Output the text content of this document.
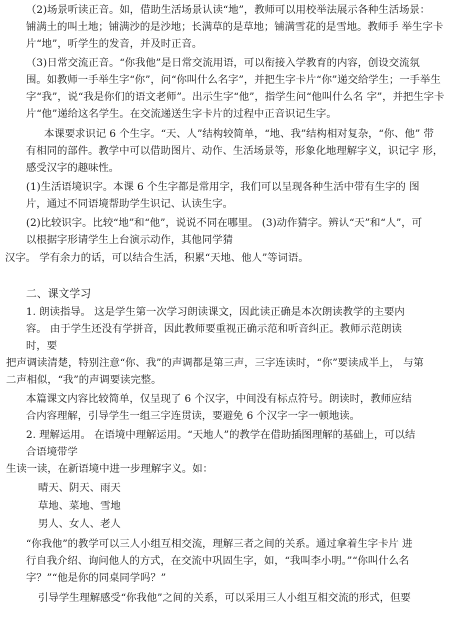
（2)场景听读正音。如，借助生活场景认读“地”，教师可以用校举法展示各种生活场景：
铺满土的叫土地；铺满沙的是沙地；长满草的是草地；铺满雪花的是雪地。教师手 举生字卡
片“地”，听学生的发音，并及时正音。
（3)日常交流正音。“你我他”是日常交流用语，可以衔接入学教育的内容，创设交流氛
围。如教师一手举生字“你”，问“你叫什么名字”，并把生字卡片“你”递交给学生；一手举生
字“我”，说“我是你们的语文老师”。出示生字“他”，指学生问“他叫什么名 字”，并把生字卡
片“他”递给这名学生。在交流递送生字卡片的过程中正音识记生字。
本课要求识记 6 个生字。“天、人”结构较简单，“地、我”结构相对复杂，“你、他” 带
有相同的部件。教学中可以借助图片、动作、生活场景等，形象化地理解字义，识记字 形，
感受汉字的趣味性。
(1)生活语境识字。本课 6 个生字都是常用字，我们可以呈现各种生活中带有生字的 图
片，通过不同语境帮助学生识记、认读生字。
(2)比较识字。比较“地”和“他”，说说不同在哪里。 (3)动作猜字。辨认“天”和“人”，可
以根据字形请学生上台演示动作，其他同学猜
汉字。 学有余力的话，可以结合生活，积累“天地、他人”等词语。
二、课文学习
1. 朗读指导。 这是学生第一次学习朗读课文，因此读正确是本次朗读教学的主要内
容。 由于学生还没有学拼音，因此教师要重视正确示范和听音纠正。教师示范朗读
时，要
把声调读清楚，特别注意“你、我”的声调都是第三声，三字连读时，“你”要读成半上， 与第
二声相似，“我”的声调要读完整。
本篇课文内容比较简单，仅呈现了 6 个汉字，中间没有标点符号。朗读时，教师应结
合内容理解，引导学生一组三字连贯读，要避免 6 个汉字一字一顿地读。
2. 理解运用。 在语境中理解运用。“天地人”的教学在借助插图理解的基础上，可以结
合语境带学
生读一读，在新语境中进一步理解字义。如：
晴天、阴天、雨天
草地、菜地、雪地
男人、女人、老人
“你我他”的教学可以三人小组互相交流，理解三者之间的关系。通过拿着生字卡片 进
行自我介绍、询问他人的方式，在交流中巩固生字，如，“我叫李小明。”“你叫什么名
字？”“他是你的同桌同学吗？”
引导学生理解感受“你我他”之间的关系，可以采用三人小组互相交流的形式，但要
